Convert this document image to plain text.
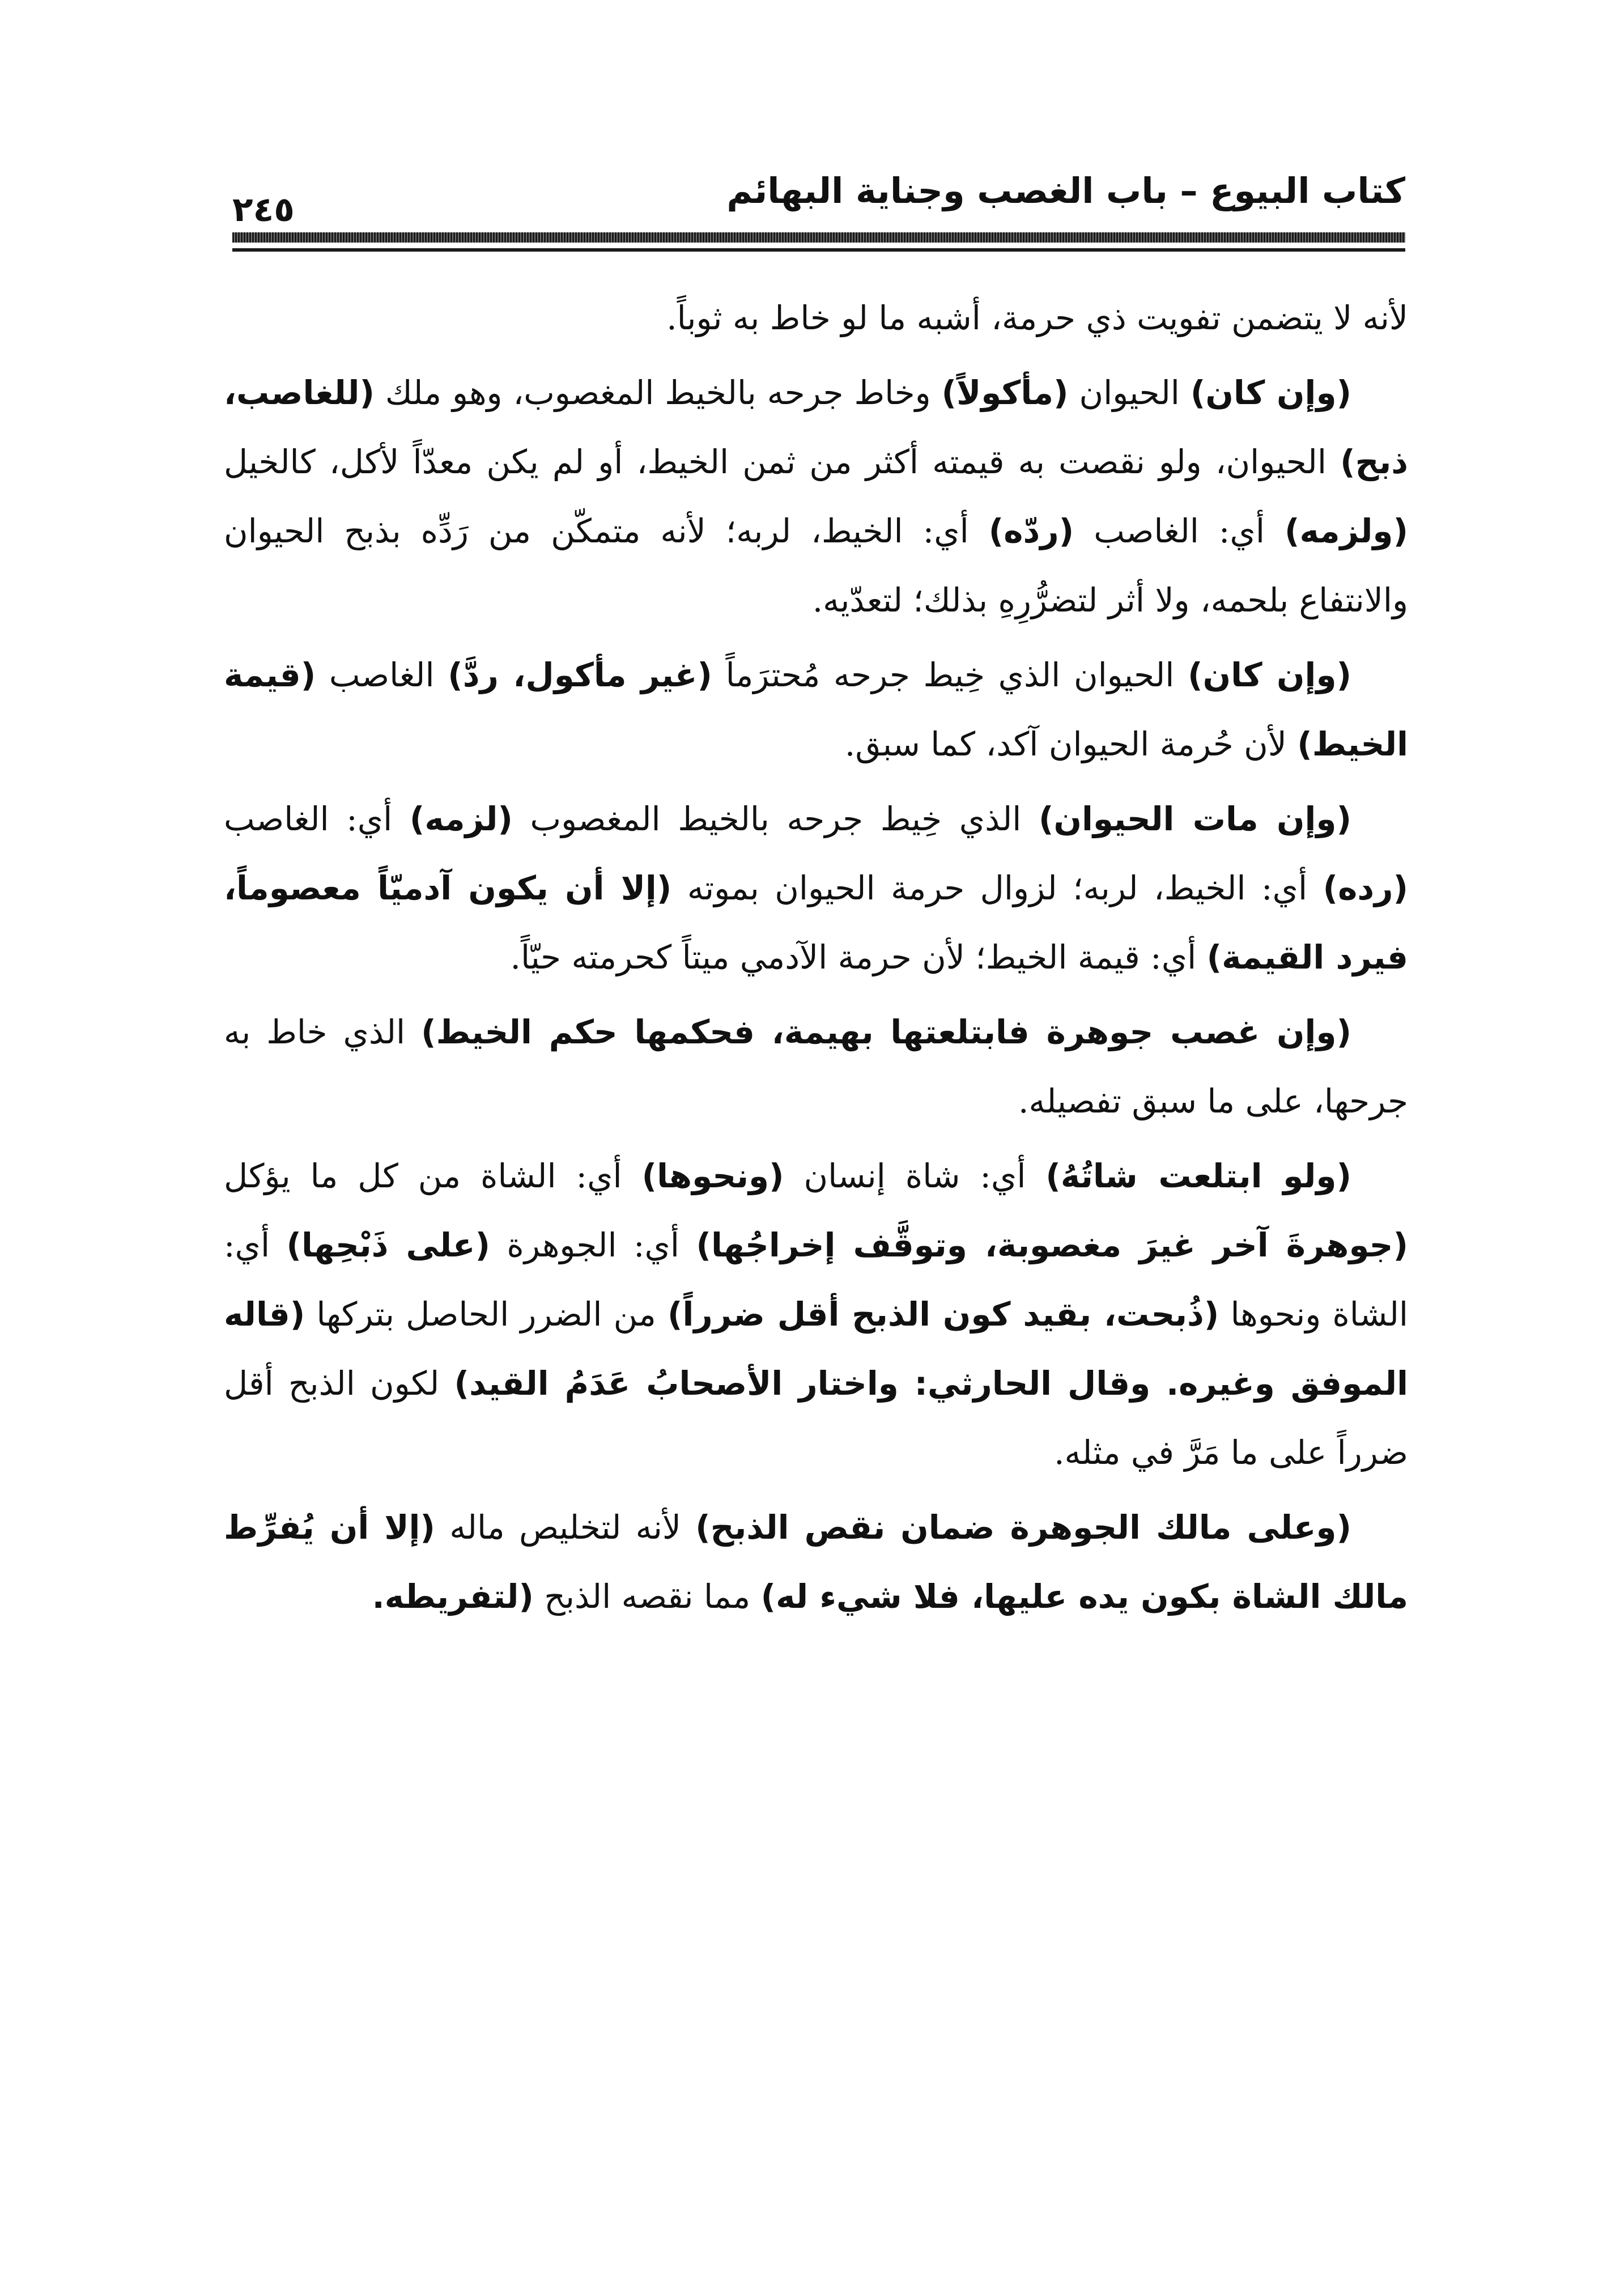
كتاب البيوع – باب الغصب وجناية البهائم
٢٤٥

لأنه لا يتضمن تفويت ذي حرمة، أشبه ما لو خاط به ثوباً.

(وإن كان) الحيوان (مأكولاً) وخاط جرحه بالخيط المغصوب، وهو ملك (للغاصب، ذبح) الحيوان، ولو نقصت به قيمته أكثر من ثمن الخيط، أو لم يكن معدّاً لأكل، كالخيل (ولزمه) أي: الغاصب (ردّه) أي: الخيط، لربه؛ لأنه متمكّن من رَدِّه بذبح الحيوان والانتفاع بلحمه، ولا أثر لتضرُّرِهِ بذلك؛ لتعدّيه.

(وإن كان) الحيوان الذي خِيط جرحه مُحترَماً (غير مأكول، ردَّ) الغاصب (قيمة الخيط) لأن حُرمة الحيوان آكد، كما سبق.

(وإن مات الحيوان) الذي خِيط جرحه بالخيط المغصوب (لزمه) أي: الغاصب (رده) أي: الخيط، لربه؛ لزوال حرمة الحيوان بموته (إلا أن يكون آدميّاً معصوماً، فيرد القيمة) أي: قيمة الخيط؛ لأن حرمة الآدمي ميتاً كحرمته حيّاً.

(وإن غصب جوهرة فابتلعتها بهيمة، فحكمها حكم الخيط) الذي خاط به جرحها، على ما سبق تفصيله.

(ولو ابتلعت شاتُهُ) أي: شاة إنسان (ونحوها) أي: الشاة من كل ما يؤكل (جوهرةَ آخر غيرَ مغصوبة، وتوقَّف إخراجُها) أي: الجوهرة (على ذَبْحِها) أي: الشاة ونحوها (ذُبحت، بقيد كون الذبح أقل ضرراً) من الضرر الحاصل بتركها (قاله الموفق وغيره. وقال الحارثي: واختار الأصحابُ عَدَمُ القيد) لكون الذبح أقل ضرراً على ما مَرَّ في مثله.

(وعلى مالك الجوهرة ضمان نقص الذبح) لأنه لتخليص ماله (إلا أن يُفرِّط مالك الشاة بكون يده عليها، فلا شيء له) مما نقصه الذبح (لتفريطه.
